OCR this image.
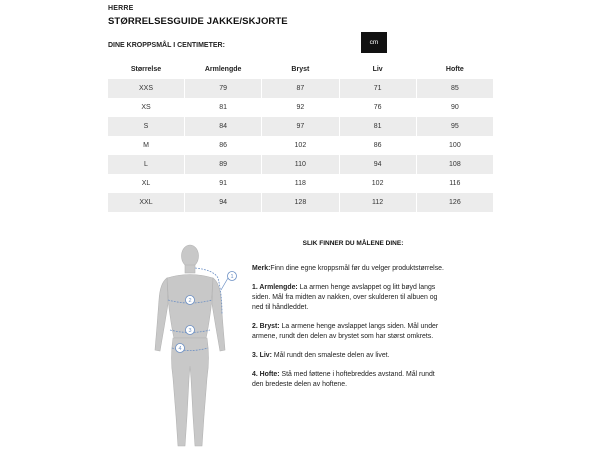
HERRE
STØRRELSESGUIDE JAKKE/SKJORTE
DINE KROPPSMÅL I CENTIMETER:	cm
Størrelse	Armlengde	Bryst	Liv	Hofte
XXS	79	87	71	85
XS	81	92	76	90
S	84	97	81	95
M	86	102	86	100
L	89	110	94	108
XL	91	118	102	116
XXL	94	128	112	126
1
2
3
4
SLIK FINNER DU MÅLENE DINE:

Merk:Finn dine egne kroppsmål før du velger produktstørrelse.

1. Armlengde: La armen henge avslappet og litt bøyd langs siden. Mål fra midten av nakken, over skulderen til albuen og ned til håndleddet.

2. Bryst: La armene henge avslappet langs siden. Mål under armene, rundt den delen av brystet som har størst omkrets.

3. Liv: Mål rundt den smaleste delen av livet.

4. Hofte: Stå med føttene i hoftebreddes avstand. Mål rundt den bredeste delen av hoftene.
